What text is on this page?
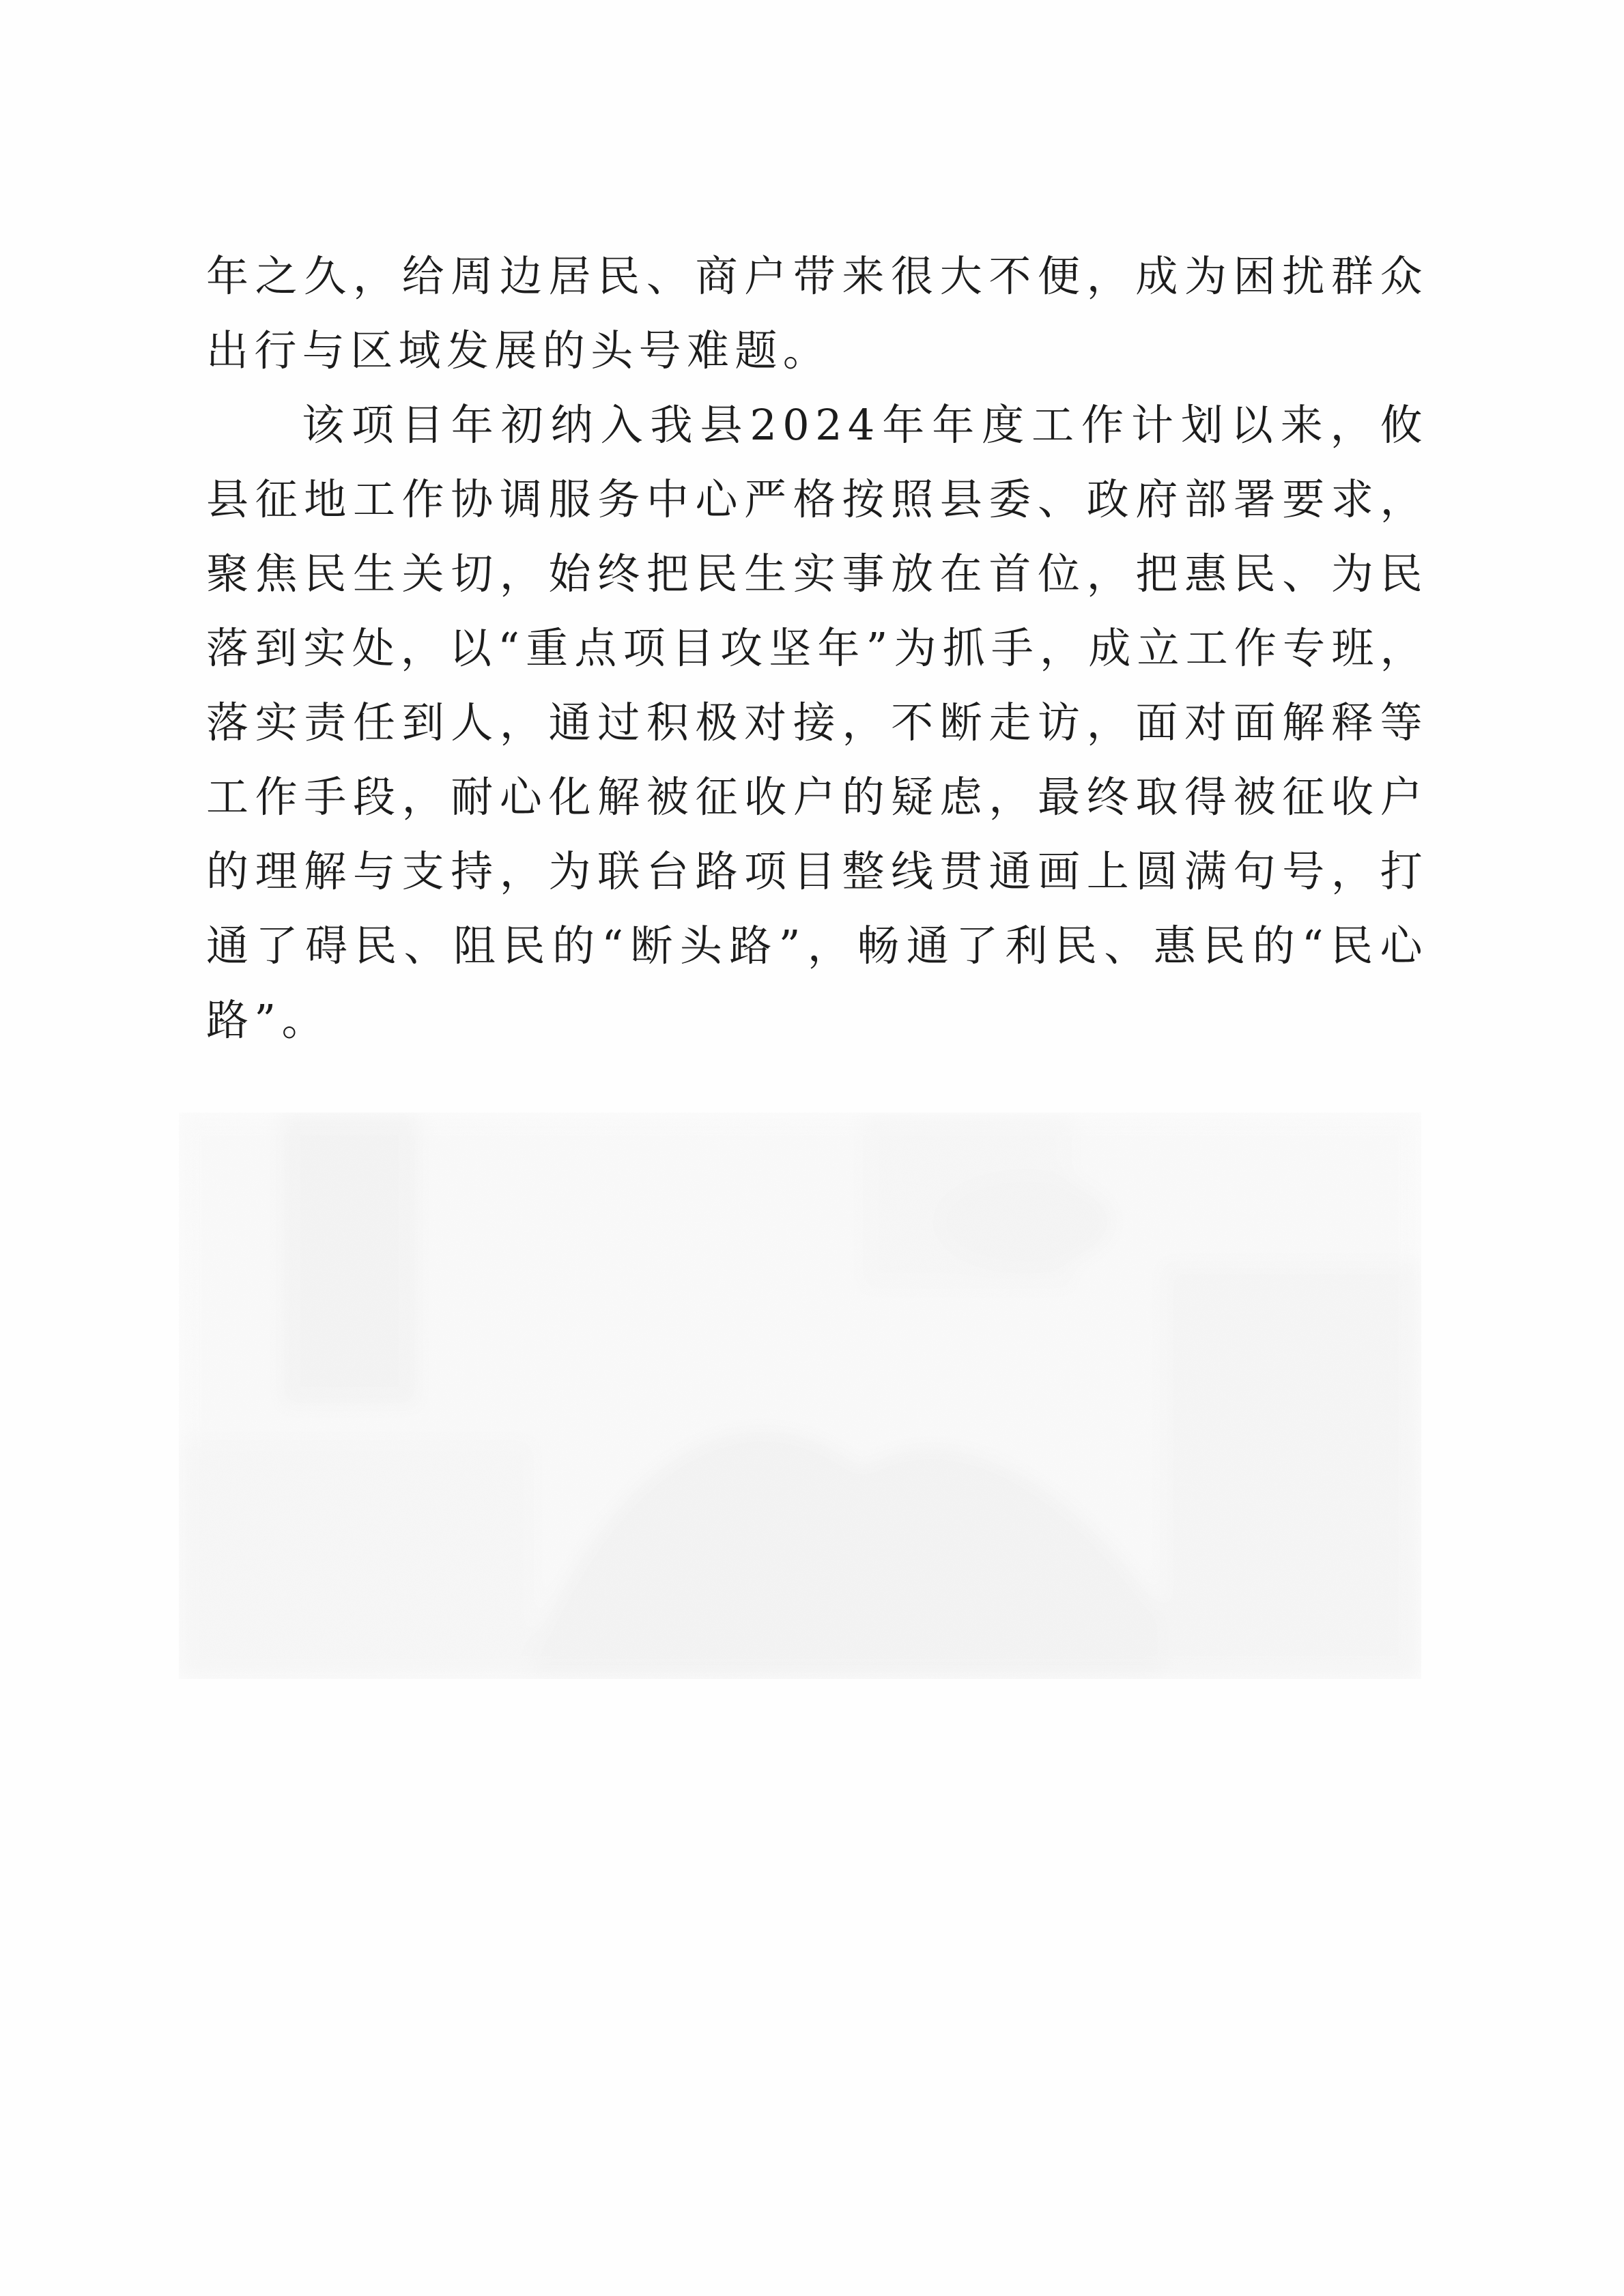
年之久，给周边居民、商户带来很大不便，成为困扰群众出行与区域发展的头号难题。

该项目年初纳入我县2024年年度工作计划以来，攸县征地工作协调服务中心严格按照县委、政府部署要求，聚焦民生关切，始终把民生实事放在首位，把惠民、为民落到实处，以“重点项目攻坚年”为抓手，成立工作专班，落实责任到人，通过积极对接，不断走访，面对面解释等工作手段，耐心化解被征收户的疑虑，最终取得被征收户的理解与支持，为联台路项目整线贯通画上圆满句号，打通了碍民、阻民的“断头路”，畅通了利民、惠民的“民心路”。
